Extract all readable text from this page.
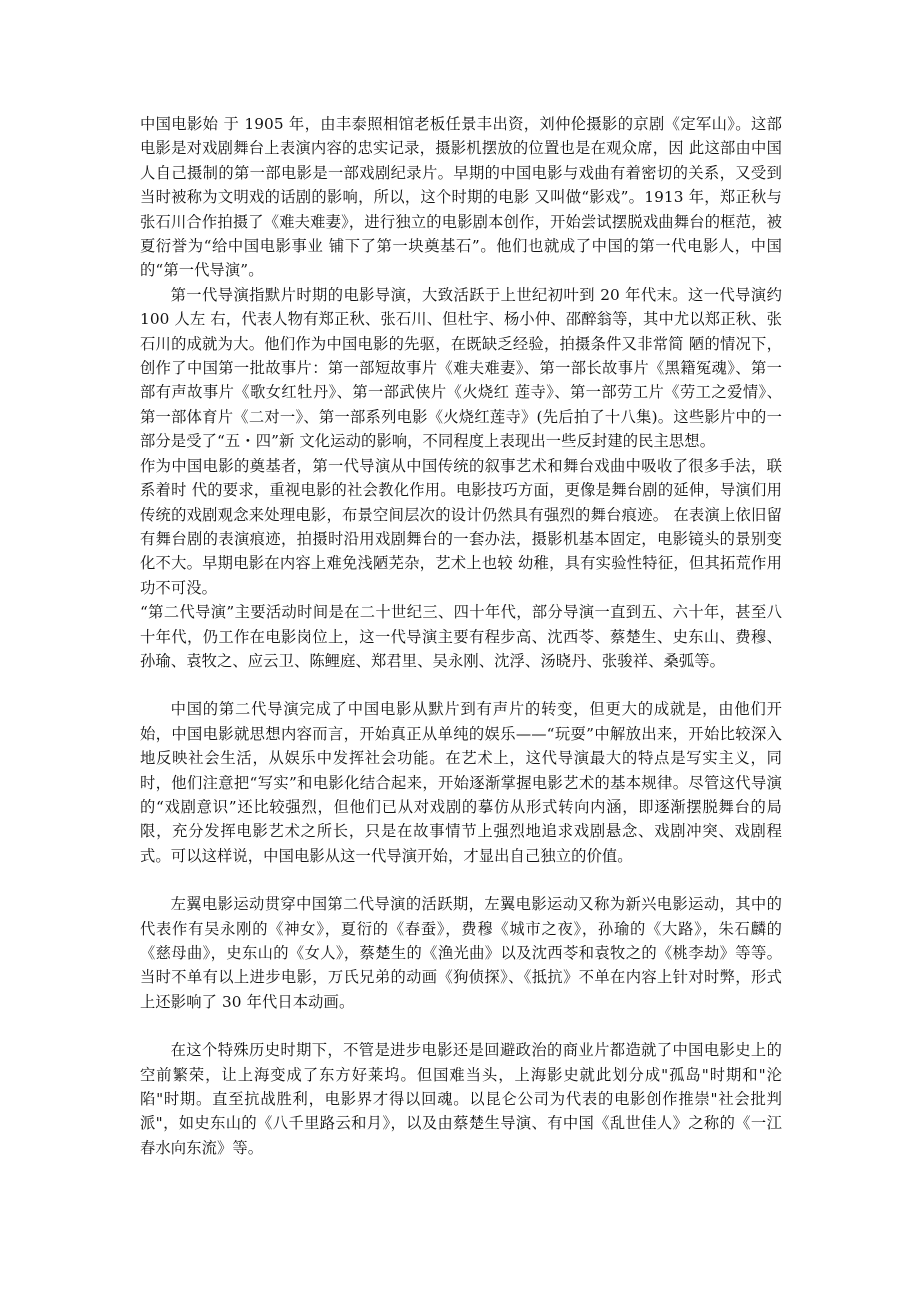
中国电影始 于 1905 年，由丰泰照相馆老板任景丰出资，刘仲伦摄影的京剧《定军山》。这部电影是对戏剧舞台上表演内容的忠实记录，摄影机摆放的位置也是在观众席，因 此这部由中国人自己摄制的第一部电影是一部戏剧纪录片。早期的中国电影与戏曲有着密切的关系，又受到当时被称为文明戏的话剧的影响，所以，这个时期的电影 又叫做“影戏”。1913 年，郑正秋与张石川合作拍摄了《难夫难妻》，进行独立的电影剧本创作，开始尝试摆脱戏曲舞台的框范，被夏衍誉为“给中国电影事业 铺下了第一块奠基石”。他们也就成了中国的第一代电影人，中国的“第一代导演”。

第一代导演指默片时期的电影导演，大致活跃于上世纪初叶到 20 年代末。这一代导演约 100 人左 右，代表人物有郑正秋、张石川、但杜宇、杨小仲、邵醉翁等，其中尤以郑正秋、张石川的成就为大。他们作为中国电影的先驱，在既缺乏经验，拍摄条件又非常简 陋的情况下，创作了中国第一批故事片：第一部短故事片《难夫难妻》、第一部长故事片《黑籍冤魂》、第一部有声故事片《歌女红牡丹》、第一部武侠片《火烧红 莲寺》、第一部劳工片《劳工之爱情》、第一部体育片《二对一》、第一部系列电影《火烧红莲寺》(先后拍了十八集)。这些影片中的一部分是受了“五・四”新 文化运动的影响，不同程度上表现出一些反封建的民主思想。

作为中国电影的奠基者，第一代导演从中国传统的叙事艺术和舞台戏曲中吸收了很多手法，联系着时 代的要求，重视电影的社会教化作用。电影技巧方面，更像是舞台剧的延伸，导演们用传统的戏剧观念来处理电影，布景空间层次的设计仍然具有强烈的舞台痕迹。 在表演上依旧留有舞台剧的表演痕迹，拍摄时沿用戏剧舞台的一套办法，摄影机基本固定，电影镜头的景别变化不大。早期电影在内容上难免浅陋芜杂，艺术上也较 幼稚，具有实验性特征，但其拓荒作用功不可没。

“第二代导演”主要活动时间是在二十世纪三、四十年代，部分导演一直到五、六十年，甚至八十年代，仍工作在电影岗位上，这一代导演主要有程步高、沈西苓、蔡楚生、史东山、费穆、孙瑜、袁牧之、应云卫、陈鲤庭、郑君里、吴永刚、沈浮、汤晓丹、张骏祥、桑弧等。

中国的第二代导演完成了中国电影从默片到有声片的转变，但更大的成就是，由他们开始，中国电影就思想内容而言，开始真正从单纯的娱乐——“玩耍”中解放出来，开始比较深入地反映社会生活，从娱乐中发挥社会功能。在艺术上，这代导演最大的特点是写实主义，同时，他们注意把“写实”和电影化结合起来，开始逐渐掌握电影艺术的基本规律。尽管这代导演的“戏剧意识”还比较强烈，但他们已从对戏剧的摹仿从形式转向内涵，即逐渐摆脱舞台的局限，充分发挥电影艺术之所长，只是在故事情节上强烈地追求戏剧悬念、戏剧冲突、戏剧程式。可以这样说，中国电影从这一代导演开始，才显出自己独立的价值。

左翼电影运动贯穿中国第二代导演的活跃期，左翼电影运动又称为新兴电影运动，其中的代表作有吴永刚的《神女》，夏衍的《春蚕》，费穆《城市之夜》，孙瑜的《大路》，朱石麟的《慈母曲》，史东山的《女人》，蔡楚生的《渔光曲》以及沈西苓和袁牧之的《桃李劫》等等。当时不单有以上进步电影，万氏兄弟的动画《狗侦探》、《抵抗》不单在内容上针对时弊，形式上还影响了 30 年代日本动画。

在这个特殊历史时期下，不管是进步电影还是回避政治的商业片都造就了中国电影史上的空前繁荣，让上海变成了东方好莱坞。但国难当头，上海影史就此划分成"孤岛"时期和"沦陷"时期。直至抗战胜利，电影界才得以回魂。以昆仑公司为代表的电影创作推崇"社会批判派"，如史东山的《八千里路云和月》，以及由蔡楚生导演、有中国《乱世佳人》之称的《一江春水向东流》等。
